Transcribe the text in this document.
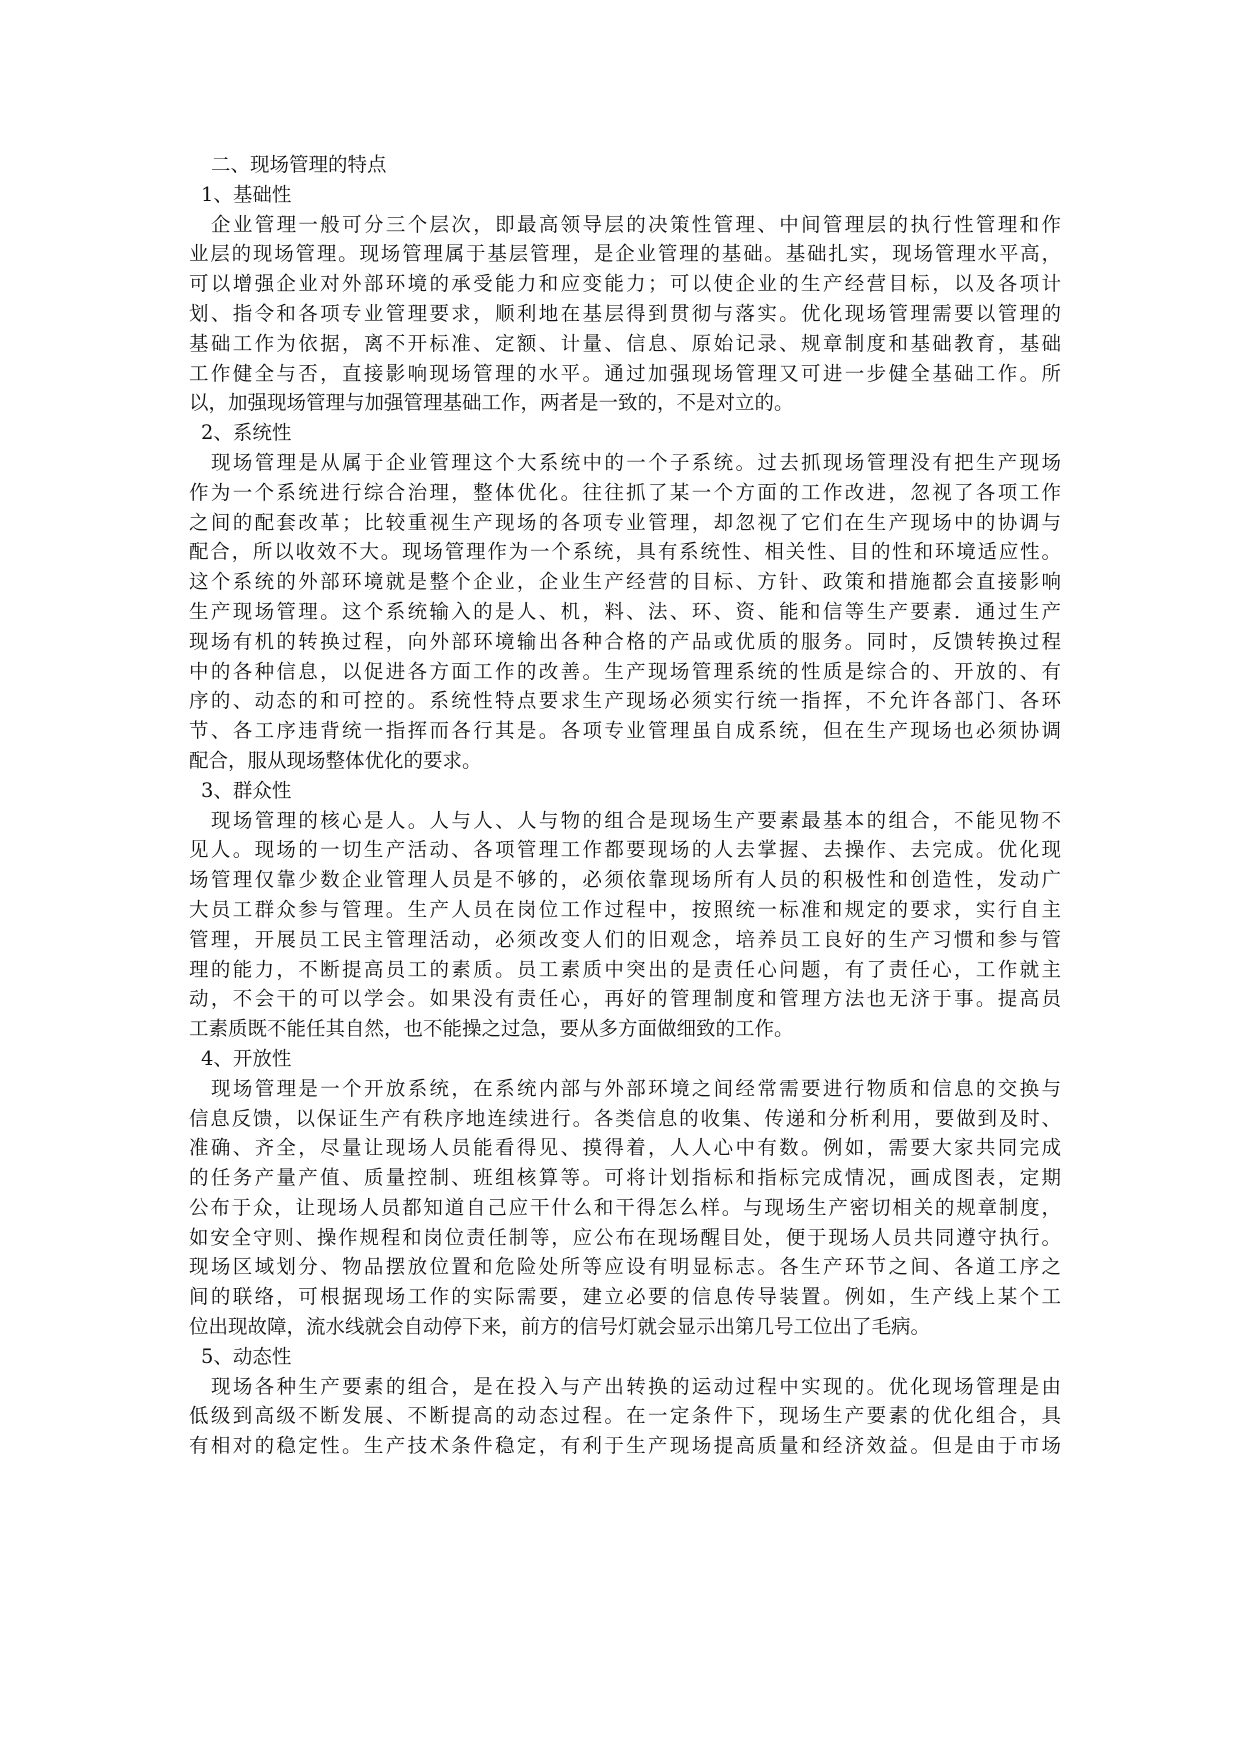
二、现场管理的特点
1、基础性
企业管理一般可分三个层次，即最高领导层的决策性管理、中间管理层的执行性管理和作
业层的现场管理。现场管理属于基层管理，是企业管理的基础。基础扎实，现场管理水平高，
可以增强企业对外部环境的承受能力和应变能力；可以使企业的生产经营目标，以及各项计
划、指令和各项专业管理要求，顺利地在基层得到贯彻与落实。优化现场管理需要以管理的
基础工作为依据，离不开标准、定额、计量、信息、原始记录、规章制度和基础教育，基础
工作健全与否，直接影响现场管理的水平。通过加强现场管理又可进一步健全基础工作。所
以，加强现场管理与加强管理基础工作，两者是一致的，不是对立的。
2、系统性
现场管理是从属于企业管理这个大系统中的一个子系统。过去抓现场管理没有把生产现场
作为一个系统进行综合治理，整体优化。往往抓了某一个方面的工作改进，忽视了各项工作
之间的配套改革；比较重视生产现场的各项专业管理，却忽视了它们在生产现场中的协调与
配合，所以收效不大。现场管理作为一个系统，具有系统性、相关性、目的性和环境适应性。
这个系统的外部环境就是整个企业，企业生产经营的目标、方针、政策和措施都会直接影响
生产现场管理。这个系统输入的是人、机，料、法、环、资、能和信等生产要素．通过生产
现场有机的转换过程，向外部环境输出各种合格的产品或优质的服务。同时，反馈转换过程
中的各种信息，以促进各方面工作的改善。生产现场管理系统的性质是综合的、开放的、有
序的、动态的和可控的。系统性特点要求生产现场必须实行统一指挥，不允许各部门、各环
节、各工序违背统一指挥而各行其是。各项专业管理虽自成系统，但在生产现场也必须协调
配合，服从现场整体优化的要求。
3、群众性
现场管理的核心是人。人与人、人与物的组合是现场生产要素最基本的组合，不能见物不
见人。现场的一切生产活动、各项管理工作都要现场的人去掌握、去操作、去完成。优化现
场管理仅靠少数企业管理人员是不够的，必须依靠现场所有人员的积极性和创造性，发动广
大员工群众参与管理。生产人员在岗位工作过程中，按照统一标准和规定的要求，实行自主
管理，开展员工民主管理活动，必须改变人们的旧观念，培养员工良好的生产习惯和参与管
理的能力，不断提高员工的素质。员工素质中突出的是责任心问题，有了责任心，工作就主
动，不会干的可以学会。如果没有责任心，再好的管理制度和管理方法也无济于事。提高员
工素质既不能任其自然，也不能操之过急，要从多方面做细致的工作。
4、开放性
现场管理是一个开放系统，在系统内部与外部环境之间经常需要进行物质和信息的交换与
信息反馈，以保证生产有秩序地连续进行。各类信息的收集、传递和分析利用，要做到及时、
准确、齐全，尽量让现场人员能看得见、摸得着，人人心中有数。例如，需要大家共同完成
的任务产量产值、质量控制、班组核算等。可将计划指标和指标完成情况，画成图表，定期
公布于众，让现场人员都知道自己应干什么和干得怎么样。与现场生产密切相关的规章制度，
如安全守则、操作规程和岗位责任制等，应公布在现场醒目处，便于现场人员共同遵守执行。
现场区域划分、物品摆放位置和危险处所等应设有明显标志。各生产环节之间、各道工序之
间的联络，可根据现场工作的实际需要，建立必要的信息传导装置。例如，生产线上某个工
位出现故障，流水线就会自动停下来，前方的信号灯就会显示出第几号工位出了毛病。
5、动态性
现场各种生产要素的组合，是在投入与产出转换的运动过程中实现的。优化现场管理是由
低级到高级不断发展、不断提高的动态过程。在一定条件下，现场生产要素的优化组合，具
有相对的稳定性。生产技术条件稳定，有利于生产现场提高质量和经济效益。但是由于市场
